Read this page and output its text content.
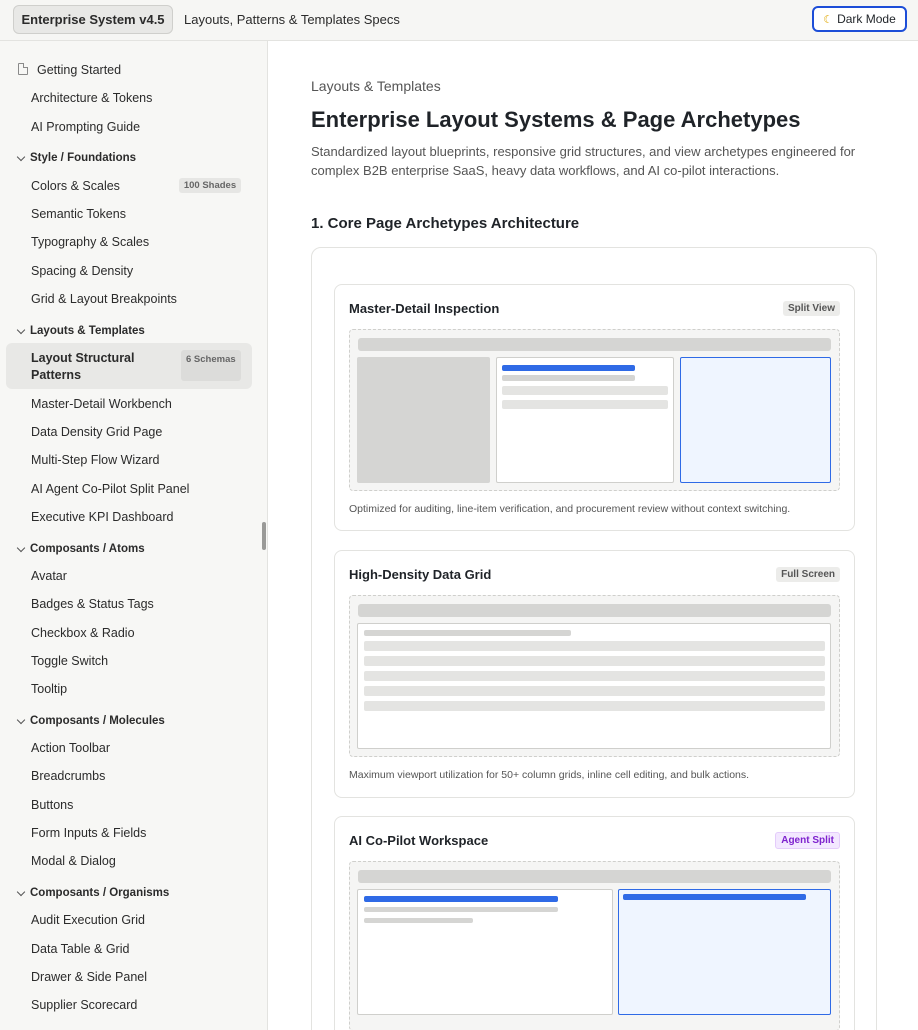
Enterprise System v4.5	Layouts, Patterns & Templates Specs	☾ Dark Mode
Getting Started
Architecture & Tokens
AI Prompting Guide
Style / Foundations
Colors & Scales	100 Shades
Semantic Tokens
Typography & Scales
Spacing & Density
Grid & Layout Breakpoints
Layouts & Templates
Layout Structural Patterns
6 Schemas
Master-Detail Workbench
Data Density Grid Page
Multi-Step Flow Wizard
AI Agent Co-Pilot Split Panel
Executive KPI Dashboard
Composants / Atoms
Avatar
Badges & Status Tags
Checkbox & Radio
Toggle Switch
Tooltip
Composants / Molecules
Action Toolbar
Breadcrumbs
Buttons
Form Inputs & Fields
Modal & Dialog
Composants / Organisms
Audit Execution Grid
Data Table & Grid
Drawer & Side Panel
Supplier Scorecard
Layouts & Templates
Enterprise Layout Systems & Page Archetypes
Standardized layout blueprints, responsive grid structures, and view archetypes engineered for complex B2B enterprise SaaS, heavy data workflows, and AI co-pilot interactions.
1. Core Page Archetypes Architecture
Master-Detail Inspection	Split View
Optimized for auditing, line-item verification, and procurement review without context switching.
High-Density Data Grid	Full Screen
Maximum viewport utilization for 50+ column grids, inline cell editing, and bulk actions.
AI Co-Pilot Workspace	Agent Split
